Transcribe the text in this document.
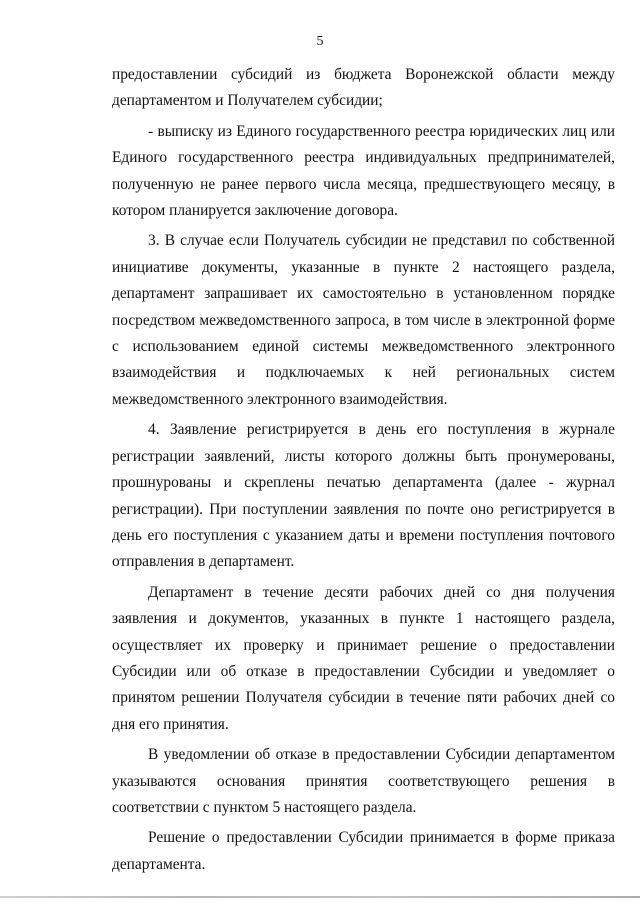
5

предоставлении субсидий из бюджета Воронежской области между департаментом и Получателем субсидии;

- выписку из Единого государственного реестра юридических лиц или Единого государственного реестра индивидуальных предпринимателей, полученную не ранее первого числа месяца, предшествующего месяцу, в котором планируется заключение договора.

3. В случае если Получатель субсидии не представил по собственной инициативе документы, указанные в пункте 2 настоящего раздела, департамент запрашивает их самостоятельно в установленном порядке посредством межведомственного запроса, в том числе в электронной форме с использованием единой системы межведомственного электронного взаимодействия и подключаемых к ней региональных систем межведомственного электронного взаимодействия.

4. Заявление регистрируется в день его поступления в журнале регистрации заявлений, листы которого должны быть пронумерованы, прошнурованы и скреплены печатью департамента (далее - журнал регистрации). При поступлении заявления по почте оно регистрируется в день его поступления с указанием даты и времени поступления почтового отправления в департамент.

Департамент в течение десяти рабочих дней со дня получения заявления и документов, указанных в пункте 1 настоящего раздела, осуществляет их проверку и принимает решение о предоставлении Субсидии или об отказе в предоставлении Субсидии и уведомляет о принятом решении Получателя субсидии в течение пяти рабочих дней со дня его принятия.

В уведомлении об отказе в предоставлении Субсидии департаментом указываются основания принятия соответствующего решения в соответствии с пунктом 5 настоящего раздела.

Решение о предоставлении Субсидии принимается в форме приказа департамента.
